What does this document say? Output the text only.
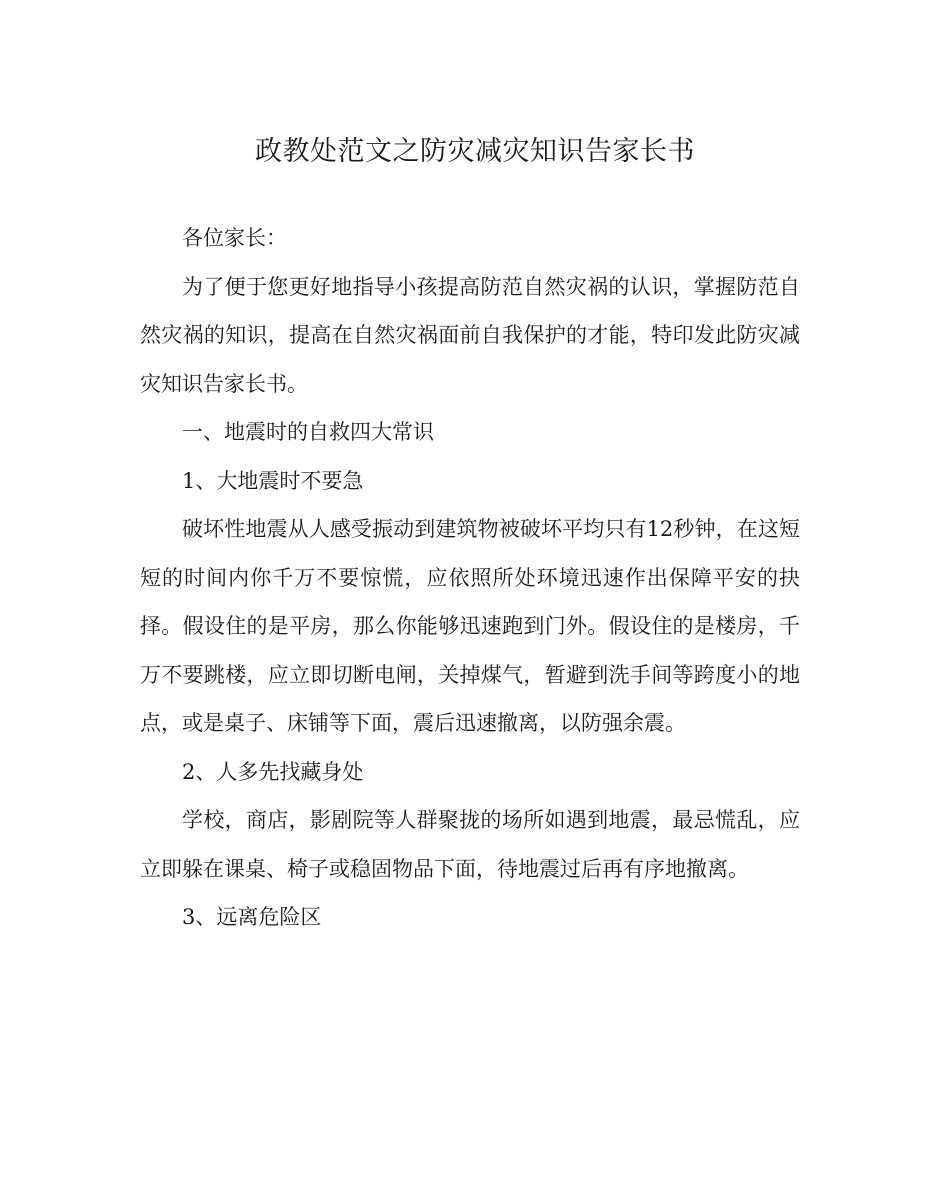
政教处范文之防灾减灾知识告家长书

各位家长：

为了便于您更好地指导小孩提高防范自然灾祸的认识，掌握防范自然灾祸的知识，提高在自然灾祸面前自我保护的才能，特印发此防灾减灾知识告家长书。

一、地震时的自救四大常识

1、大地震时不要急

破坏性地震从人感受振动到建筑物被破坏平均只有12秒钟，在这短短的时间内你千万不要惊慌，应依照所处环境迅速作出保障平安的抉择。假设住的是平房，那么你能够迅速跑到门外。假设住的是楼房，千万不要跳楼，应立即切断电闸，关掉煤气，暂避到洗手间等跨度小的地点，或是桌子、床铺等下面，震后迅速撤离，以防强余震。

2、人多先找藏身处

学校，商店，影剧院等人群聚拢的场所如遇到地震，最忌慌乱，应立即躲在课桌、椅子或稳固物品下面，待地震过后再有序地撤离。

3、远离危险区
